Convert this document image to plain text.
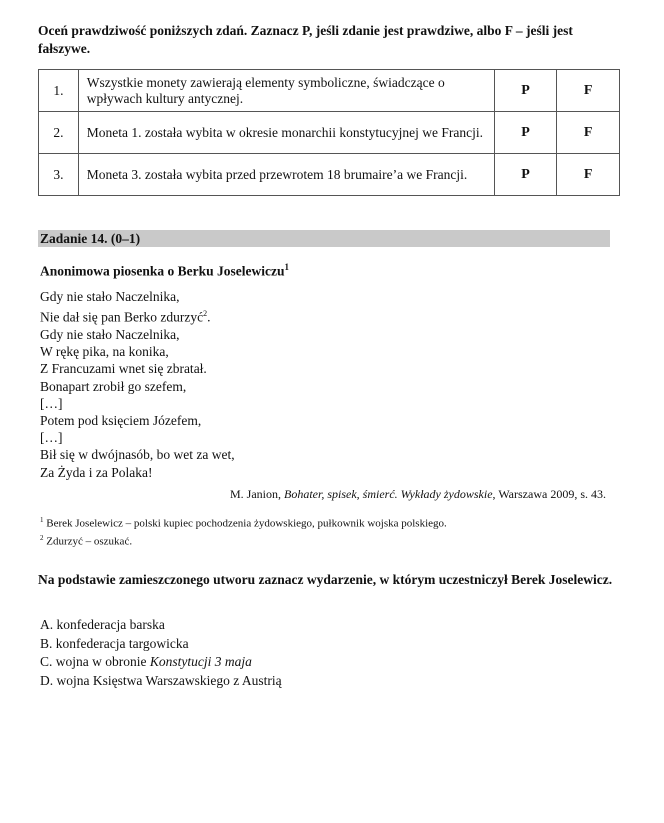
Oceń prawdziwość poniższych zdań. Zaznacz P, jeśli zdanie jest prawdziwe, albo F – jeśli jest fałszywe.
1.	Wszystkie monety zawierają elementy symboliczne, świadczące o wpływach kultury antycznej.	P	F
2.	Moneta 1. została wybita w okresie monarchii konstytucyjnej we Francji.	P	F
3.	Moneta 3. została wybita przed przewrotem 18 brumaire’a we Francji.	P	F
Zadanie 14. (0–1)
Anonimowa piosenka o Berku Joselewiczu$^1$
Gdy nie stało Naczelnika,
Nie dał się pan Berko zdurzyć$^2$.
Gdy nie stało Naczelnika,
W rękę pika, na konika,
Z Francuzami wnet się zbratał.
Bonapart zrobił go szefem,
[…]
Potem pod księciem Józefem,
[…]
Bił się w dwójnasób, bo wet za wet,
Za Żyda i za Polaka!
M. Janion, Bohater, spisek, śmierć. Wykłady żydowskie, Warszawa 2009, s. 43.
$^1$ Berek Joselewicz – polski kupiec pochodzenia żydowskiego, pułkownik wojska polskiego.
$^2$ Zdurzyć – oszukać.
Na podstawie zamieszczonego utworu zaznacz wydarzenie, w którym uczestniczył Berek Joselewicz.
A. konfederacja barska
B. konfederacja targowicka
C. wojna w obronie Konstytucji 3 maja
D. wojna Księstwa Warszawskiego z Austrią
